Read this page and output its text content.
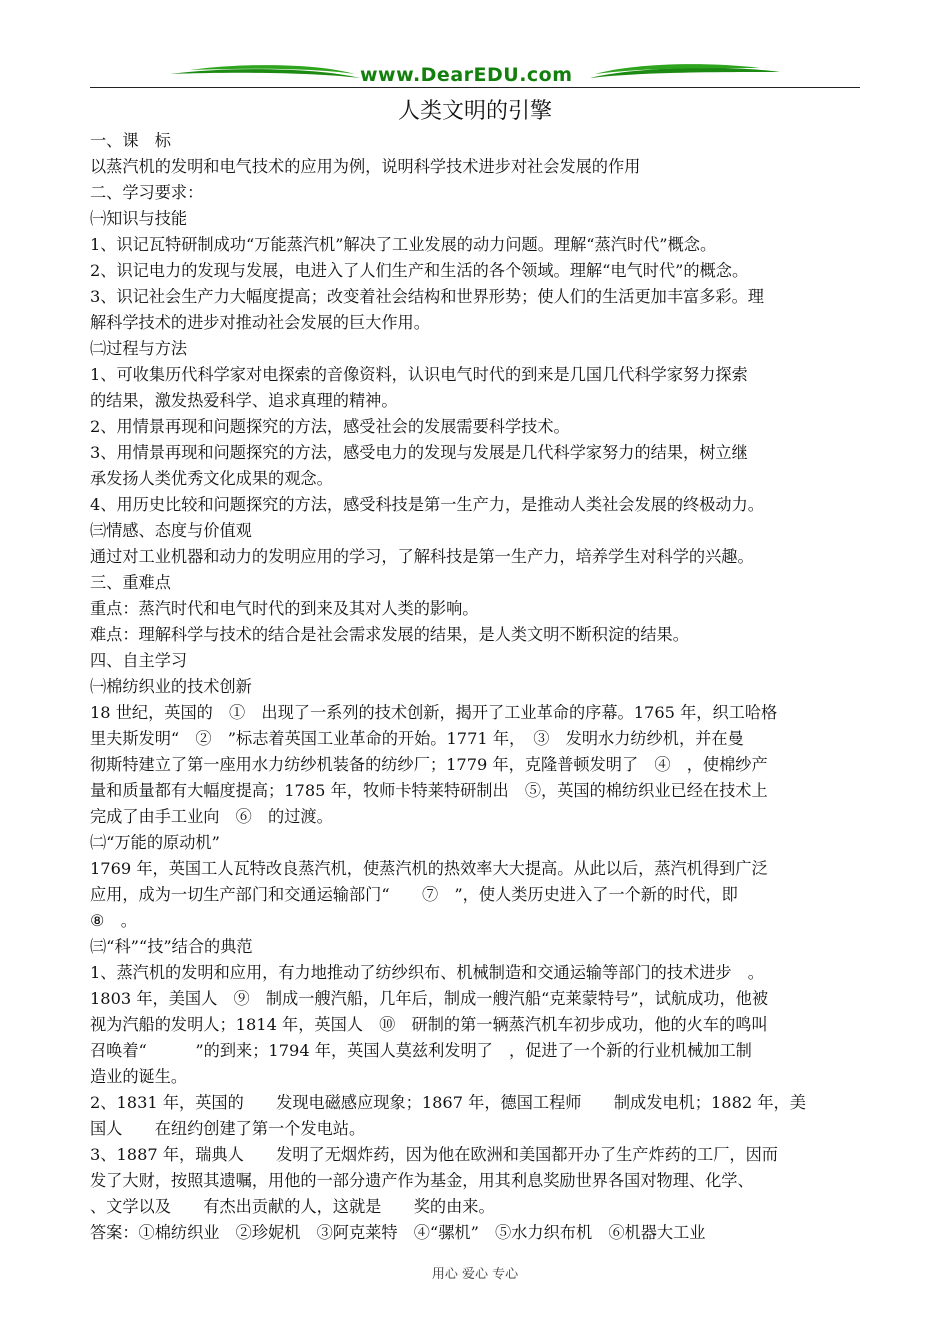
www.DearEDU.com
人类文明的引擎
一、课　标
以蒸汽机的发明和电气技术的应用为例，说明科学技术进步对社会发展的作用
二、学习要求：
㈠知识与技能
1、识记瓦特研制成功“万能蒸汽机”解决了工业发展的动力问题。理解“蒸汽时代”概念。
2、识记电力的发现与发展，电进入了人们生产和生活的各个领域。理解“电气时代”的概念。
3、识记社会生产力大幅度提高；改变着社会结构和世界形势；使人们的生活更加丰富多彩。理
解科学技术的进步对推动社会发展的巨大作用。
㈡过程与方法
1、可收集历代科学家对电探索的音像资料，认识电气时代的到来是几国几代科学家努力探索
的结果，激发热爱科学、追求真理的精神。
2、用情景再现和问题探究的方法，感受社会的发展需要科学技术。
3、用情景再现和问题探究的方法，感受电力的发现与发展是几代科学家努力的结果，树立继
承发扬人类优秀文化成果的观念。
4、用历史比较和问题探究的方法，感受科技是第一生产力，是推动人类社会发展的终极动力。
㈢情感、态度与价值观
通过对工业机器和动力的发明应用的学习，了解科技是第一生产力，培养学生对科学的兴趣。
三、重难点
重点：蒸汽时代和电气时代的到来及其对人类的影响。
难点：理解科学与技术的结合是社会需求发展的结果，是人类文明不断积淀的结果。
四、自主学习
㈠棉纺织业的技术创新
18 世纪，英国的　①　出现了一系列的技术创新，揭开了工业革命的序幕。1765 年，织工哈格
里夫斯发明“　②　”标志着英国工业革命的开始。1771 年，　③　发明水力纺纱机，并在曼
彻斯特建立了第一座用水力纺纱机装备的纺纱厂；1779 年，克隆普顿发明了　④　，使棉纱产
量和质量都有大幅度提高；1785 年，牧师卡特莱特研制出　⑤，英国的棉纺织业已经在技术上
完成了由手工业向　⑥　的过渡。
㈡“万能的原动机”
1769 年，英国工人瓦特改良蒸汽机，使蒸汽机的热效率大大提高。从此以后，蒸汽机得到广泛
应用，成为一切生产部门和交通运输部门“　　⑦　”，使人类历史进入了一个新的时代，即
⑧　。
㈢“科”“技”结合的典范
1、蒸汽机的发明和应用，有力地推动了纺纱织布、机械制造和交通运输等部门的技术进步　。
1803 年，美国人　⑨　制成一艘汽船，几年后，制成一艘汽船“克莱蒙特号”，试航成功，他被
视为汽船的发明人；1814 年，英国人　⑩　研制的第一辆蒸汽机车初步成功，他的火车的鸣叫
召唤着“　　　”的到来；1794 年，英国人莫兹利发明了　，促进了一个新的行业机械加工制
造业的诞生。
2、1831 年，英国的　　发现电磁感应现象；1867 年，德国工程师　　制成发电机；1882 年，美
国人　　在纽约创建了第一个发电站。
3、1887 年，瑞典人　　发明了无烟炸药，因为他在欧洲和美国都开办了生产炸药的工厂，因而
发了大财，按照其遗嘱，用他的一部分遗产作为基金，用其利息奖励世界各国对物理、化学、
、文学以及　　有杰出贡献的人，这就是　　奖的由来。
答案：①棉纺织业　②珍妮机　③阿克莱特　④“骡机”　⑤水力织布机　⑥机器大工业
用心 爱心 专心
